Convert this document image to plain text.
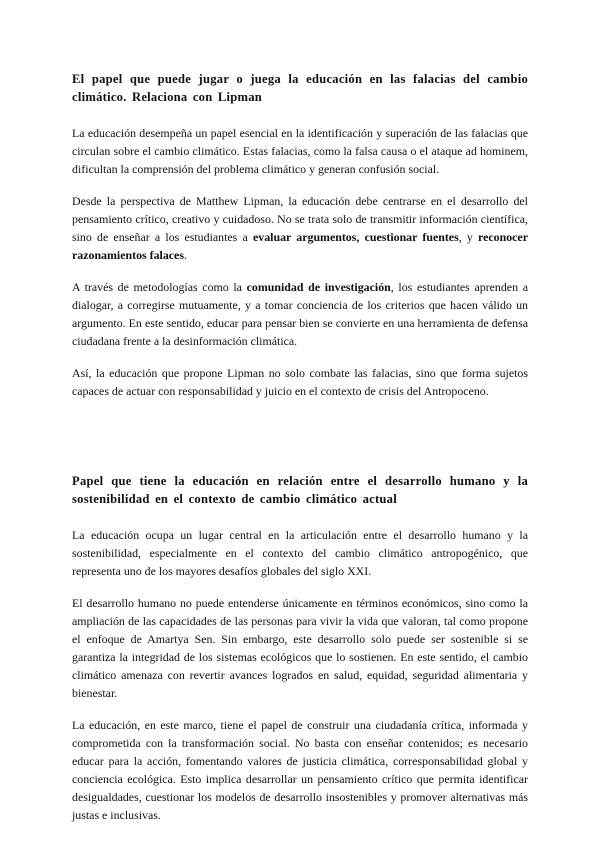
El papel que puede jugar o juega la educación en las falacias del cambio climático. Relaciona con Lipman

La educación desempeña un papel esencial en la identificación y superación de las falacias que circulan sobre el cambio climático. Estas falacias, como la falsa causa o el ataque ad hominem, dificultan la comprensión del problema climático y generan confusión social.

Desde la perspectiva de Matthew Lipman, la educación debe centrarse en el desarrollo del pensamiento crítico, creativo y cuidadoso. No se trata solo de transmitir información científica, sino de enseñar a los estudiantes a evaluar argumentos, cuestionar fuentes, y reconocer razonamientos falaces.

A través de metodologías como la comunidad de investigación, los estudiantes aprenden a dialogar, a corregirse mutuamente, y a tomar conciencia de los criterios que hacen válido un argumento. En este sentido, educar para pensar bien se convierte en una herramienta de defensa ciudadana frente a la desinformación climática.

Así, la educación que propone Lipman no solo combate las falacias, sino que forma sujetos capaces de actuar con responsabilidad y juicio en el contexto de crisis del Antropoceno.

Papel que tiene la educación en relación entre el desarrollo humano y la sostenibilidad en el contexto de cambio climático actual

La educación ocupa un lugar central en la articulación entre el desarrollo humano y la sostenibilidad, especialmente en el contexto del cambio climático antropogénico, que representa uno de los mayores desafíos globales del siglo XXI.

El desarrollo humano no puede entenderse únicamente en términos económicos, sino como la ampliación de las capacidades de las personas para vivir la vida que valoran, tal como propone el enfoque de Amartya Sen. Sin embargo, este desarrollo solo puede ser sostenible si se garantiza la integridad de los sistemas ecológicos que lo sostienen. En este sentido, el cambio climático amenaza con revertir avances logrados en salud, equidad, seguridad alimentaria y bienestar.

La educación, en este marco, tiene el papel de construir una ciudadanía crítica, informada y comprometida con la transformación social. No basta con enseñar contenidos; es necesario educar para la acción, fomentando valores de justicia climática, corresponsabilidad global y conciencia ecológica. Esto implica desarrollar un pensamiento crítico que permita identificar desigualdades, cuestionar los modelos de desarrollo insostenibles y promover alternativas más justas e inclusivas.
